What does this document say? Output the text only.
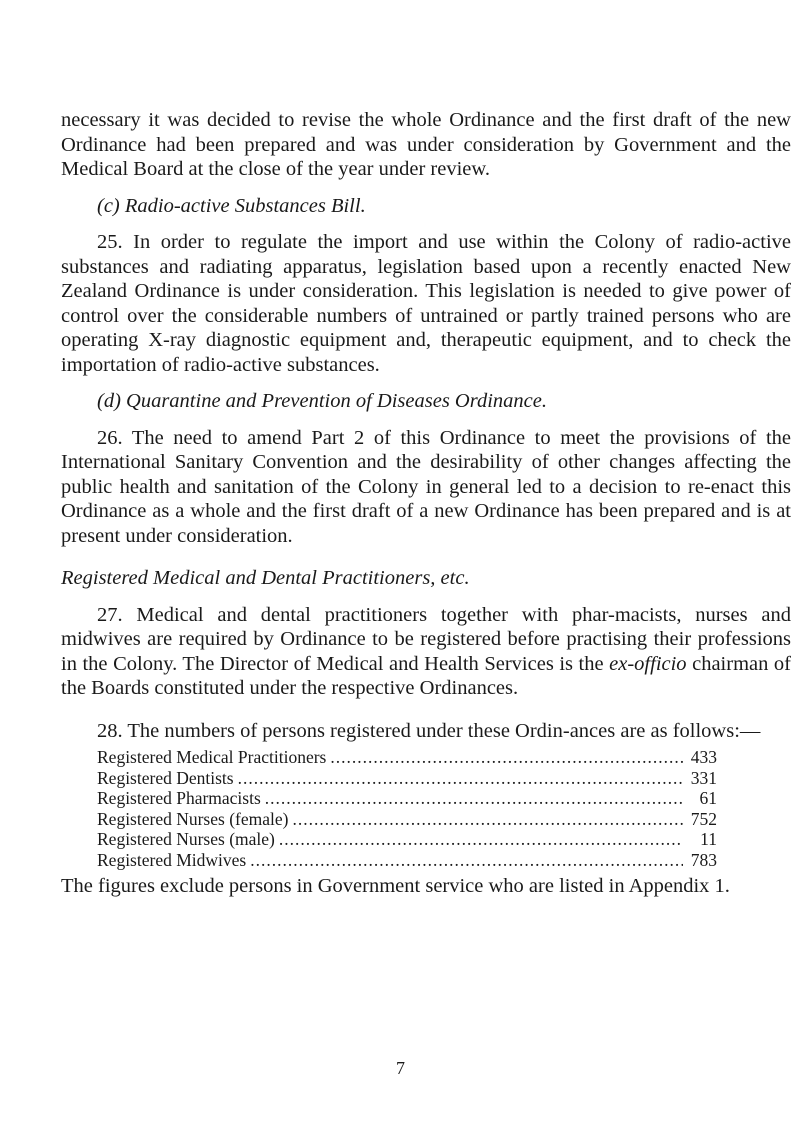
necessary it was decided to revise the whole Ordinance and the first draft of the new Ordinance had been prepared and was under consideration by Government and the Medical Board at the close of the year under review.

(c) Radio-active Substances Bill.

25. In order to regulate the import and use within the Colony of radio-active substances and radiating apparatus, legislation based upon a recently enacted New Zealand Ordinance is under consideration. This legislation is needed to give power of control over the considerable numbers of untrained or partly trained persons who are operating X-ray diagnostic equipment and, therapeutic equipment, and to check the importation of radio-active substances.

(d) Quarantine and Prevention of Diseases Ordinance.

26. The need to amend Part 2 of this Ordinance to meet the provisions of the International Sanitary Convention and the desirability of other changes affecting the public health and sanitation of the Colony in general led to a decision to re-enact this Ordinance as a whole and the first draft of a new Ordinance has been prepared and is at present under consideration.

Registered Medical and Dental Practitioners, etc.

27. Medical and dental practitioners together with phar-macists, nurses and midwives are required by Ordinance to be registered before practising their professions in the Colony. The Director of Medical and Health Services is the ex-officio chairman of the Boards constituted under the respective Ordinances.

28. The numbers of persons registered under these Ordin-ances are as follows:—

Registered Medical Practitioners .....	433
Registered Dentists .....	331
Registered Pharmacists .....	61
Registered Nurses (female) .....	752
Registered Nurses (male) .....	11
Registered Midwives .....	783

The figures exclude persons in Government service who are listed in Appendix 1.

7
